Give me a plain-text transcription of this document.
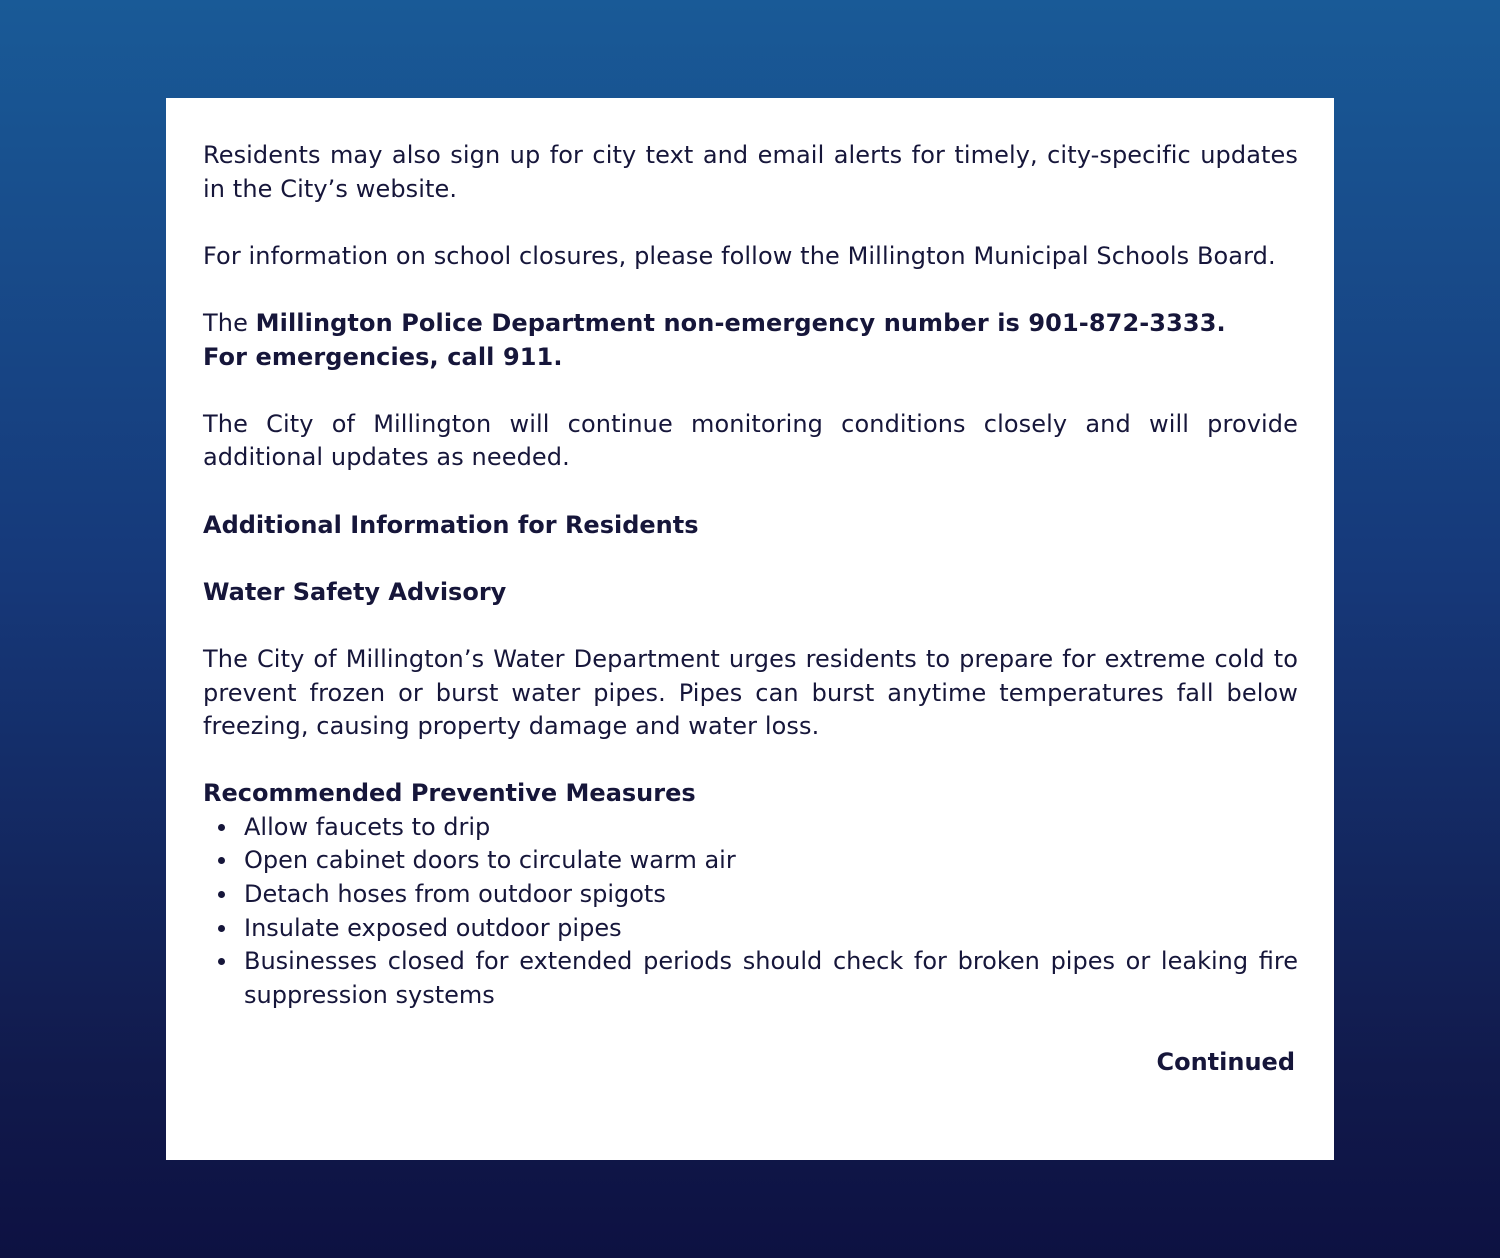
Residents may also sign up for city text and email alerts for timely, city-specific updates in the City’s website.

For information on school closures, please follow the Millington Municipal Schools Board.

The Millington Police Department non-emergency number is 901-872-3333.
For emergencies, call 911.

The City of Millington will continue monitoring conditions closely and will provide additional updates as needed.

Additional Information for Residents
Water Safety Advisory

The City of Millington’s Water Department urges residents to prepare for extreme cold to prevent frozen or burst water pipes. Pipes can burst anytime temperatures fall below freezing, causing property damage and water loss.

Recommended Preventive Measures
Allow faucets to drip
Open cabinet doors to circulate warm air
Detach hoses from outdoor spigots
Insulate exposed outdoor pipes
Businesses closed for extended periods should check for broken pipes or leaking fire suppression systems

Continued
